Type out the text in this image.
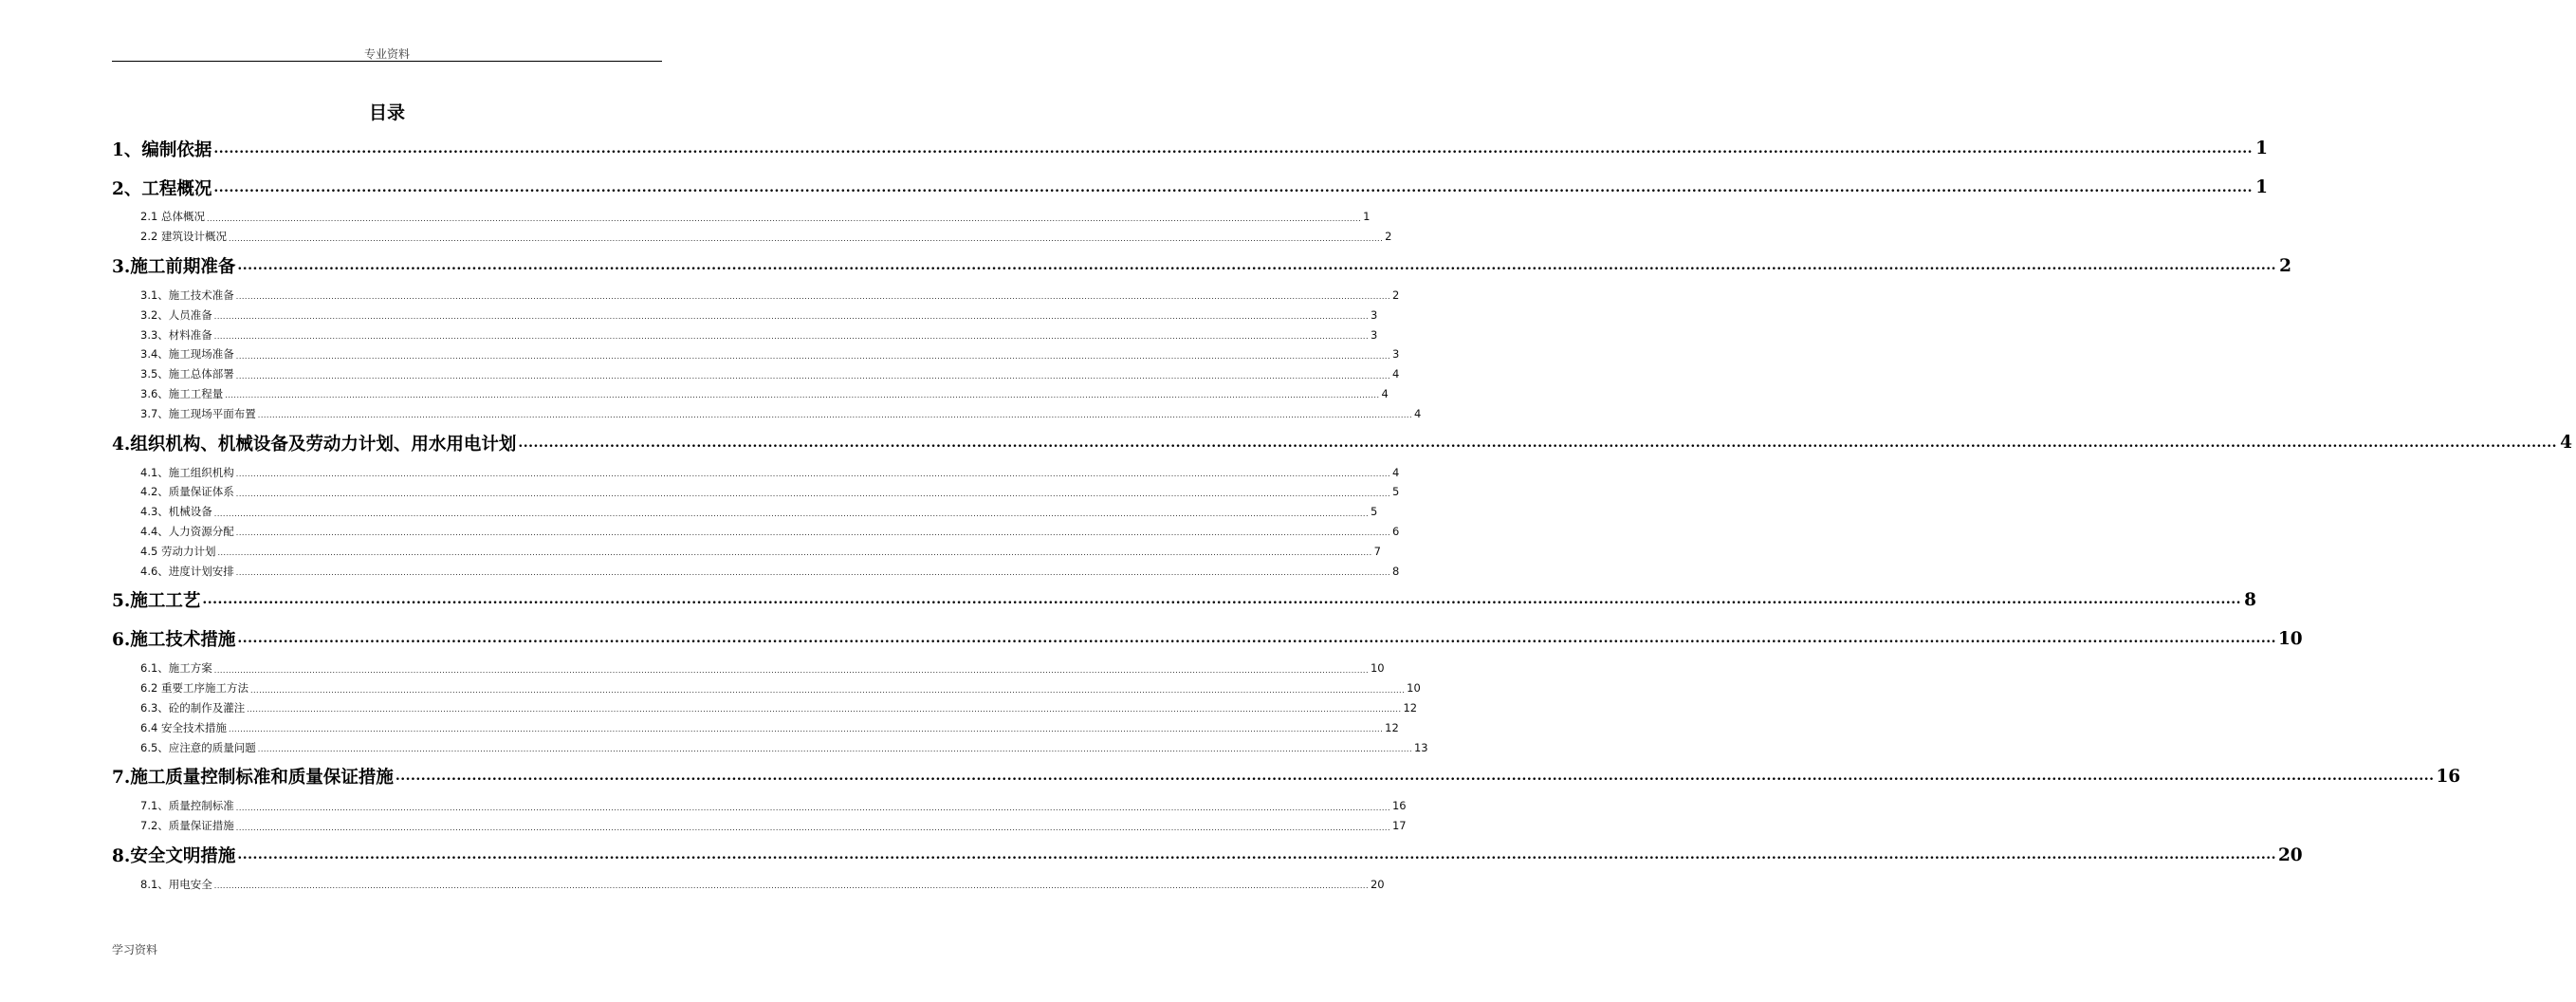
专业资料
目录
1、编制依据 ................................................................................................................................................................................................................................................................................................................................................................................................................ 1
2、工程概况 ................................................................................................................................................................................................................................................................................................................................................................................................................ 1
2.1 总体概况 ................................................................................................................................................................................................................................................................................................................................................................................................................ 1
2.2 建筑设计概况 ................................................................................................................................................................................................................................................................................................................................................................................................................ 2
3.施工前期准备 ................................................................................................................................................................................................................................................................................................................................................................................................................ 2
3.1、施工技术准备 ................................................................................................................................................................................................................................................................................................................................................................................................................ 2
3.2、人员准备 ................................................................................................................................................................................................................................................................................................................................................................................................................ 3
3.3、材料准备 ................................................................................................................................................................................................................................................................................................................................................................................................................ 3
3.4、施工现场准备 ................................................................................................................................................................................................................................................................................................................................................................................................................ 3
3.5、施工总体部署 ................................................................................................................................................................................................................................................................................................................................................................................................................ 4
3.6、施工工程量 ................................................................................................................................................................................................................................................................................................................................................................................................................ 4
3.7、施工现场平面布置 ................................................................................................................................................................................................................................................................................................................................................................................................................ 4
4.组织机构、机械设备及劳动力计划、用水用电计划 ................................................................................................................................................................................................................................................................................................................................................................................................................ 4
4.1、施工组织机构 ................................................................................................................................................................................................................................................................................................................................................................................................................ 4
4.2、质量保证体系 ................................................................................................................................................................................................................................................................................................................................................................................................................ 5
4.3、机械设备 ................................................................................................................................................................................................................................................................................................................................................................................................................ 5
4.4、人力资源分配 ................................................................................................................................................................................................................................................................................................................................................................................................................ 6
4.5 劳动力计划 ................................................................................................................................................................................................................................................................................................................................................................................................................ 7
4.6、进度计划安排 ................................................................................................................................................................................................................................................................................................................................................................................................................ 8
5.施工工艺 ................................................................................................................................................................................................................................................................................................................................................................................................................ 8
6.施工技术措施 ................................................................................................................................................................................................................................................................................................................................................................................................................ 10
6.1、施工方案 ................................................................................................................................................................................................................................................................................................................................................................................................................ 10
6.2 重要工序施工方法 ................................................................................................................................................................................................................................................................................................................................................................................................................ 10
6.3、砼的制作及灌注 ................................................................................................................................................................................................................................................................................................................................................................................................................ 12
6.4 安全技术措施 ................................................................................................................................................................................................................................................................................................................................................................................................................ 12
6.5、应注意的质量问题 ................................................................................................................................................................................................................................................................................................................................................................................................................ 13
7.施工质量控制标准和质量保证措施 ................................................................................................................................................................................................................................................................................................................................................................................................................ 16
7.1、质量控制标准 ................................................................................................................................................................................................................................................................................................................................................................................................................ 16
7.2、质量保证措施 ................................................................................................................................................................................................................................................................................................................................................................................................................ 17
8.安全文明措施 ................................................................................................................................................................................................................................................................................................................................................................................................................ 20
8.1、用电安全 ................................................................................................................................................................................................................................................................................................................................................................................................................ 20
学习资料
